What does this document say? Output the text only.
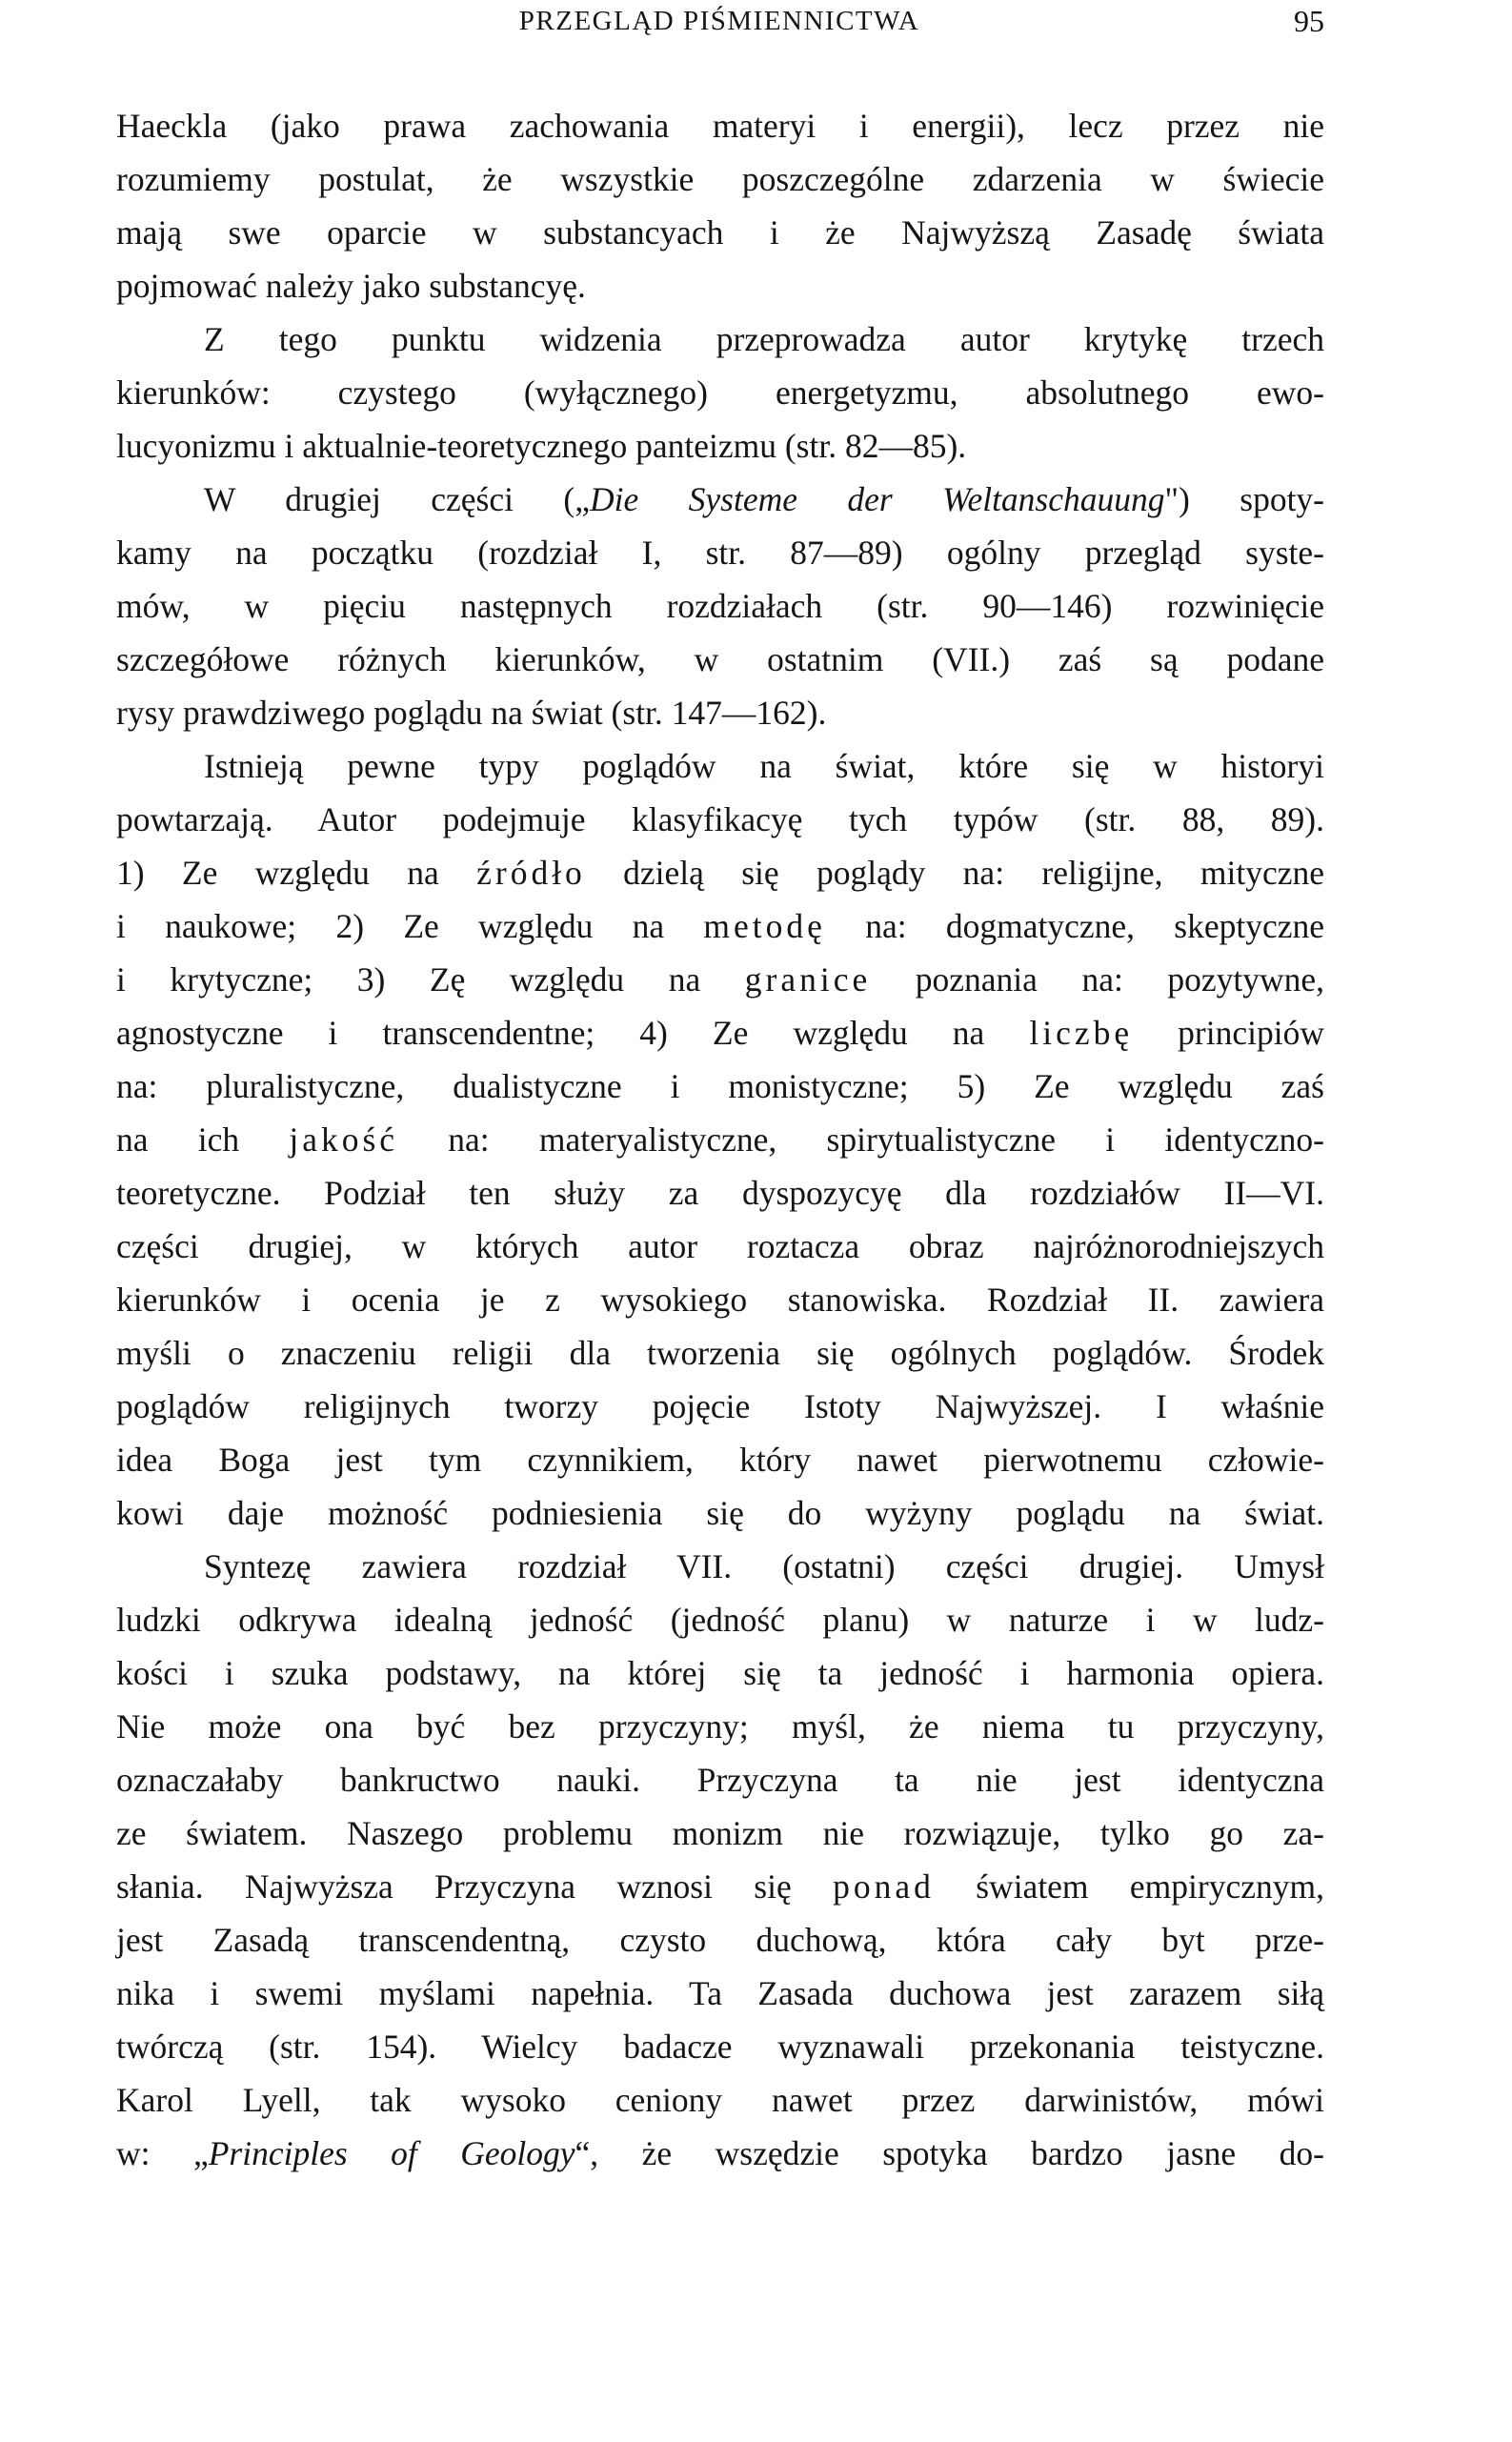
PRZEGLĄD PIŚMIENNICTWA	95
Haeckla (jako prawa zachowania materyi i energii), lecz przez nie
rozumiemy postulat, że wszystkie poszczególne zdarzenia w świecie
mają swe oparcie w substancyach i że Najwyższą Zasadę świata
pojmować należy jako substancyę.
Z tego punktu widzenia przeprowadza autor krytykę trzech
kierunków: czystego (wyłącznego) energetyzmu, absolutnego ewo-
lucyonizmu i aktualnie-teoretycznego panteizmu (str. 82—85).
W drugiej części („Die Systeme der Weltanschauung") spoty-
kamy na początku (rozdział I, str. 87—89) ogólny przegląd syste-
mów, w pięciu następnych rozdziałach (str. 90—146) rozwinięcie
szczegółowe różnych kierunków, w ostatnim (VII.) zaś są podane
rysy prawdziwego poglądu na świat (str. 147—162).
Istnieją pewne typy poglądów na świat, które się w historyi
powtarzają. Autor podejmuje klasyfikacyę tych typów (str. 88, 89).
1) Ze względu na źródło dzielą się poglądy na: religijne, mityczne
i naukowe; 2) Ze względu na metodę na: dogmatyczne, skeptyczne
i krytyczne; 3) Zę względu na granice poznania na: pozytywne,
agnostyczne i transcendentne; 4) Ze względu na liczbę principiów
na: pluralistyczne, dualistyczne i monistyczne; 5) Ze względu zaś
na ich jakość na: materyalistyczne, spirytualistyczne i identyczno-
teoretyczne. Podział ten służy za dyspozycyę dla rozdziałów II—VI.
części drugiej, w których autor roztacza obraz najróżnorodniejszych
kierunków i ocenia je z wysokiego stanowiska. Rozdział II. zawiera
myśli o znaczeniu religii dla tworzenia się ogólnych poglądów. Środek
poglądów religijnych tworzy pojęcie Istoty Najwyższej. I właśnie
idea Boga jest tym czynnikiem, który nawet pierwotnemu człowie-
kowi daje możność podniesienia się do wyżyny poglądu na świat.
Syntezę zawiera rozdział VII. (ostatni) części drugiej. Umysł
ludzki odkrywa idealną jedność (jedność planu) w naturze i w ludz-
kości i szuka podstawy, na której się ta jedność i harmonia opiera.
Nie może ona być bez przyczyny; myśl, że niema tu przyczyny,
oznaczałaby bankructwo nauki. Przyczyna ta nie jest identyczna
ze światem. Naszego problemu monizm nie rozwiązuje, tylko go za-
słania. Najwyższa Przyczyna wznosi się ponad światem empirycznym,
jest Zasadą transcendentną, czysto duchową, która cały byt prze-
nika i swemi myślami napełnia. Ta Zasada duchowa jest zarazem siłą
twórczą (str. 154). Wielcy badacze wyznawali przekonania teistyczne.
Karol Lyell, tak wysoko ceniony nawet przez darwinistów, mówi
w: „Principles of Geology“, że wszędzie spotyka bardzo jasne do-
